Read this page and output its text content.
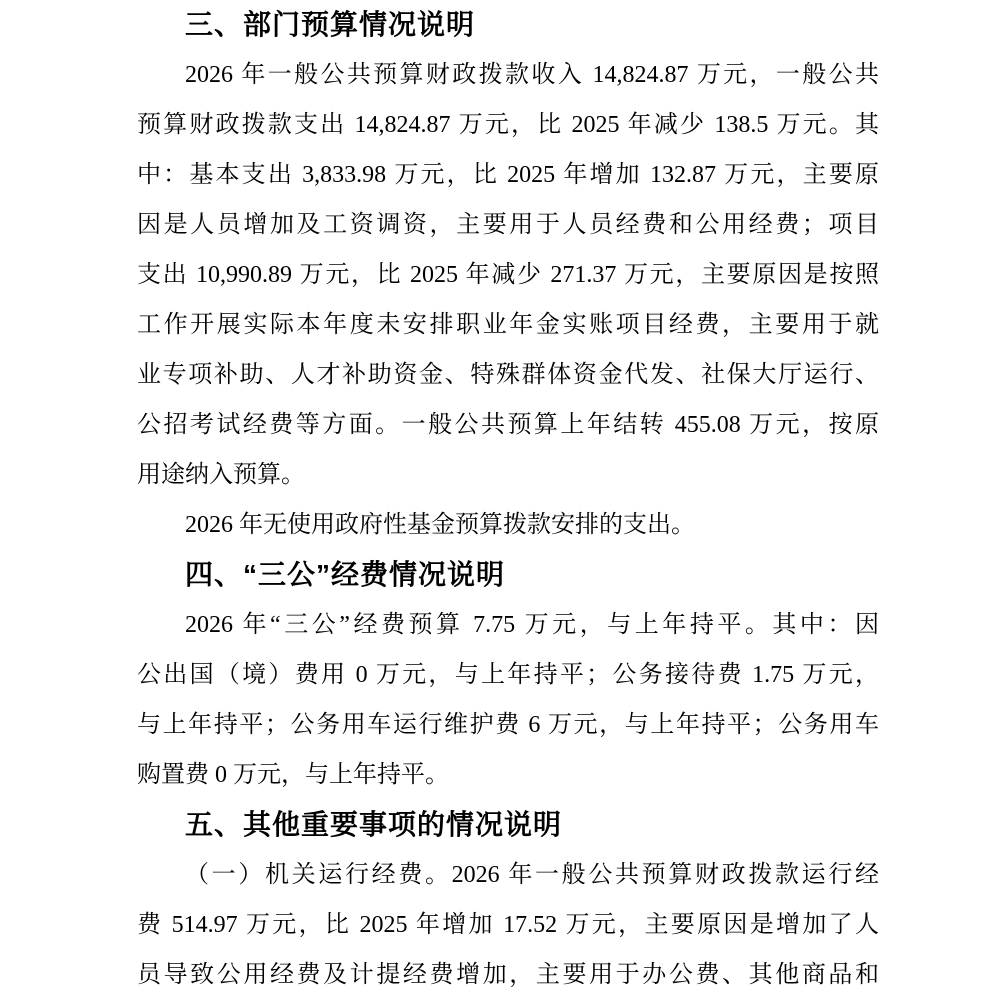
三、部门预算情况说明
2026 年一般公共预算财政拨款收入 14,824.87 万元，一般公共
预算财政拨款支出 14,824.87 万元，比 2025 年减少 138.5 万元。其
中：基本支出 3,833.98 万元，比 2025 年增加 132.87 万元，主要原
因是人员增加及工资调资，主要用于人员经费和公用经费；项目
支出 10,990.89 万元，比 2025 年减少 271.37 万元，主要原因是按照
工作开展实际本年度未安排职业年金实账项目经费，主要用于就
业专项补助、人才补助资金、特殊群体资金代发、社保大厅运行、
公招考试经费等方面。一般公共预算上年结转 455.08 万元，按原
用途纳入预算。
2026 年无使用政府性基金预算拨款安排的支出。
四、“三公”经费情况说明
2026 年“三公”经费预算 7.75 万元，与上年持平。其中：因
公出国（境）费用 0 万元，与上年持平；公务接待费 1.75 万元，
与上年持平；公务用车运行维护费 6 万元，与上年持平；公务用车
购置费 0 万元，与上年持平。
五、其他重要事项的情况说明
（一）机关运行经费。2026 年一般公共预算财政拨款运行经
费 514.97 万元，比 2025 年增加 17.52 万元，主要原因是增加了人
员导致公用经费及计提经费增加，主要用于办公费、其他商品和
